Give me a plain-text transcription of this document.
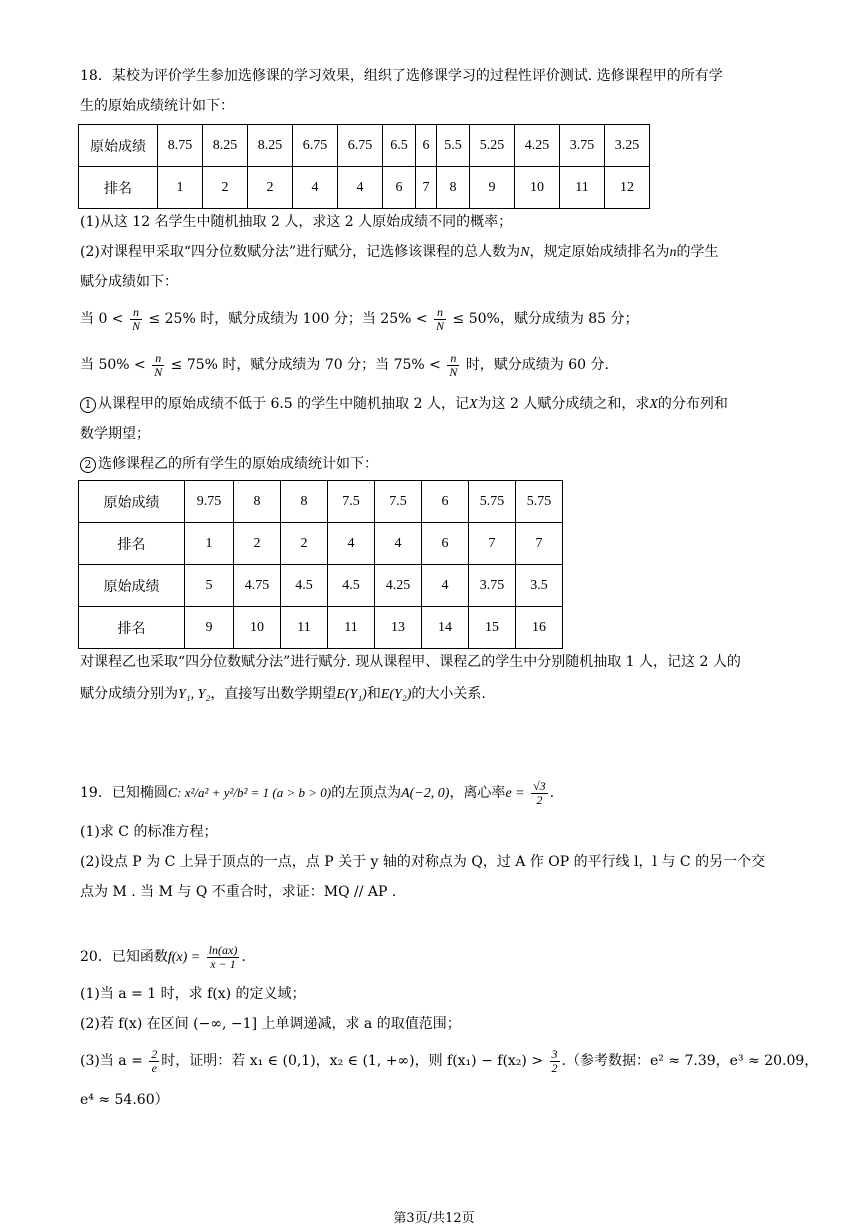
18．某校为评价学生参加选修课的学习效果，组织了选修课学习的过程性评价测试. 选修课程甲的所有学
生的原始成绩统计如下：
原始成绩	8.75	8.25	8.25	6.75	6.75	6.5	6	5.5	5.25	4.25	3.75	3.25
排名	1	2	2	4	4	6	7	8	9	10	11	12
(1)从这 12 名学生中随机抽取 2 人，求这 2 人原始成绩不同的概率；
(2)对课程甲采取“四分位数赋分法”进行赋分，记选修该课程的总人数为N，规定原始成绩排名为n的学生
赋分成绩如下：
当 $0 < \frac{n}{N} \le 25\%$ 时，赋分成绩为 100 分；当 $25\% < \frac{n}{N} \le 50\%$，赋分成绩为 85 分；
当 $50\% < \frac{n}{N} \le 75\%$ 时，赋分成绩为 70 分；当 $75\% < \frac{n}{N}$ 时，赋分成绩为 60 分.
1 从课程甲的原始成绩不低于 6.5 的学生中随机抽取 2 人，记X为这 2 人赋分成绩之和，求X的分布列和
数学期望；
2 选修课程乙的所有学生的原始成绩统计如下：
原始成绩	9.75	8	8	7.5	7.5	6	5.75	5.75
排名	1	2	2	4	4	6	7	7
原始成绩	5	4.75	4.5	4.5	4.25	4	3.75	3.5
排名	9	10	11	11	13	14	15	16
对课程乙也采取“四分位数赋分法”进行赋分. 现从课程甲、课程乙的学生中分别随机抽取 1 人，记这 2 人的
赋分成绩分别为Y₁, Y₂，直接写出数学期望E(Y₁)和E(Y₂)的大小关系.
19．已知椭圆C: x²/a² + y²/b² = 1 (a > b > 0)的左顶点为A(−2, 0)，离心率$e = \frac{√3}{2}$ .
(1)求 C 的标准方程；
(2)设点 P 为 C 上异于顶点的一点，点 P 关于 y 轴的对称点为 Q，过 A 作 OP 的平行线 l，l 与 C 的另一个交
点为 M . 当 M 与 Q 不重合时，求证：MQ // AP .
20．已知函数$f(x) = \frac{\ln(ax)}{x - 1}$ .
(1)当 a = 1 时，求 f(x) 的定义域；
(2)若 f(x) 在区间 (−∞, −1] 上单调递减，求 a 的取值范围；
(3)当 $a = \frac{2}{e}$ 时，证明：若 x₁ ∈ (0,1)，x₂ ∈ (1, +∞)，则 $f(x_1) - f(x_2) > \frac{3}{2}$ .（参考数据：e² ≈ 7.39，e³ ≈ 20.09，
e⁴ ≈ 54.60）
第3页/共12页
